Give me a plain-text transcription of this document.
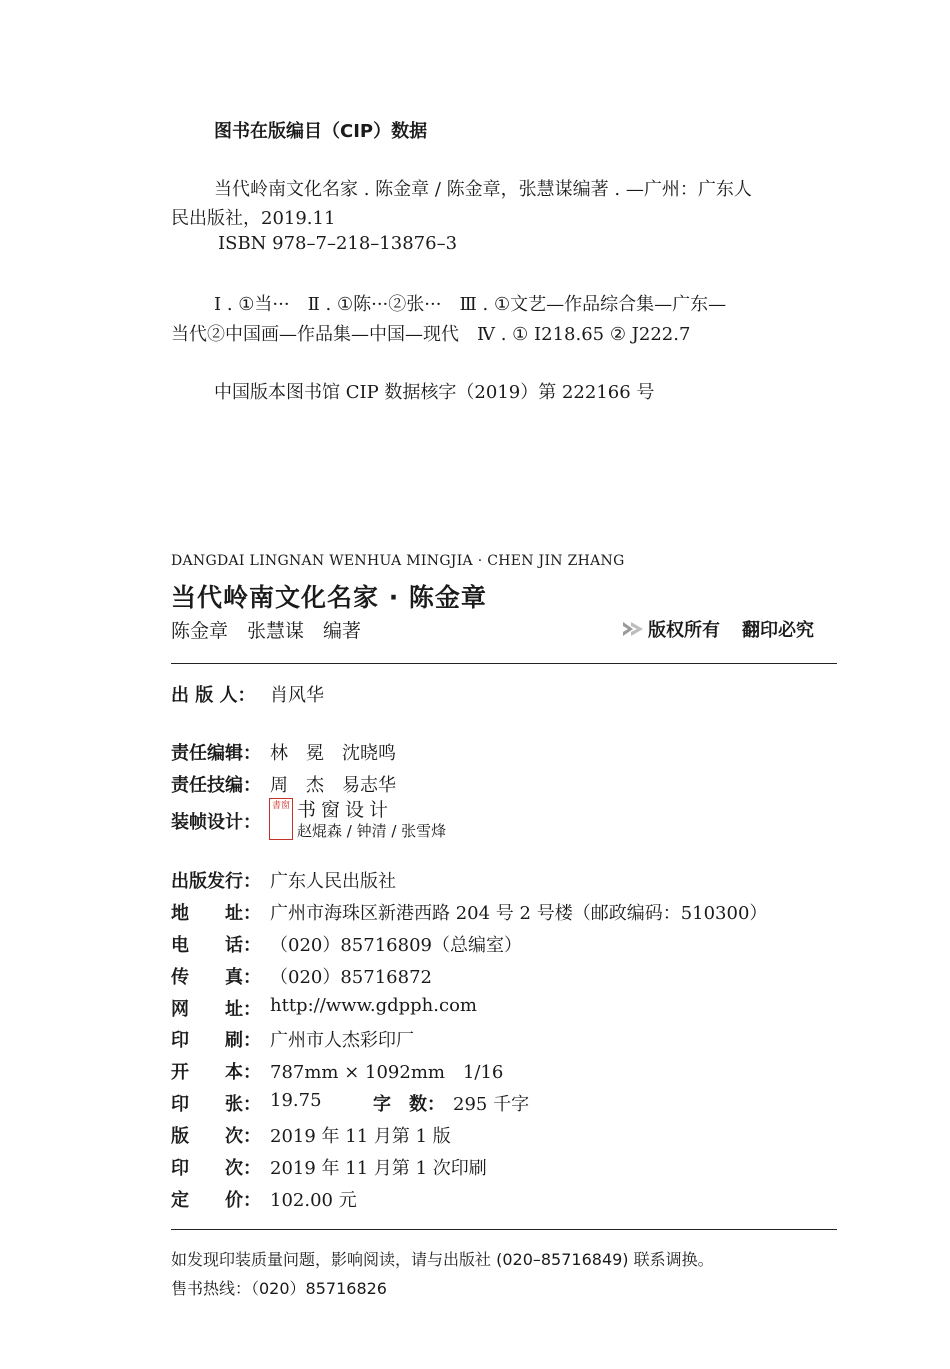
图书在版编目（CIP）数据
当代岭南文化名家 . 陈金章 / 陈金章，张慧谋编著 . —广州：广东人
民出版社，2019.11
ISBN 978–7–218–13876–3
Ⅰ . ①当···　Ⅱ . ①陈···②张···　Ⅲ . ①文艺—作品综合集—广东—
当代②中国画—作品集—中国—现代　Ⅳ . ① I218.65 ② J222.7
中国版本图书馆 CIP 数据核字（2019）第 222166 号
DANGDAI LINGNAN WENHUA MINGJIA · CHEN JIN ZHANG
当代岭南文化名家 · 陈金章
陈金章　张慧谋　编著	版权所有 翻印必究
出 版 人： 肖风华
责任编辑： 林　冕　沈晓鸣
责任技编： 周　杰　易志华
装帧设计：
書窗 书窗设计
赵焜森 / 钟清 / 张雪烽
出版发行： 广东人民出版社
地　　址： 广州市海珠区新港西路 204 号 2 号楼（邮政编码：510300）
电　　话： （020）85716809（总编室）
传　　真： （020）85716872
网　　址： http://www.gdpph.com
印　　刷： 广州市人杰彩印厂
开　　本： 787mm × 1092mm　1/16
印　　张： 19.75	字　数： 295 千字
版　　次： 2019 年 11 月第 1 版
印　　次： 2019 年 11 月第 1 次印刷
定　　价： 102.00 元
如发现印装质量问题，影响阅读，请与出版社 (020–85716849) 联系调换。
售书热线：（020）85716826
